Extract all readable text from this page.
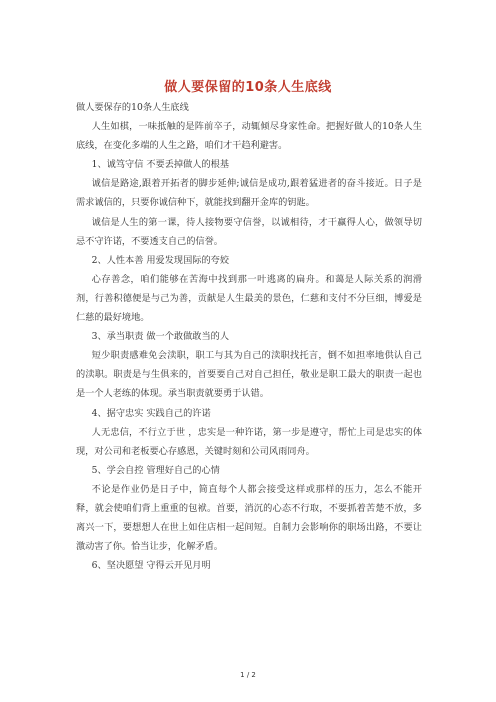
做人要保留的10条人生底线

做人要保存的10条人生底线

人生如棋，一味抵触的是阵前卒子，动辄倾尽身家性命。把握好做人的10条人生底线，在变化多端的人生之路，咱们才干趋利避害。

1、诚笃守信 不要丢掉做人的根基

诚信是路途,跟着开拓者的脚步延伸;诚信是成功,跟着猛进者的奋斗接近。日子是需求诚信的，只要你诚信种下，就能找到翻开金库的钥匙。

诚信是人生的第一课，待人接物要守信誉，以诚相待，才干赢得人心，做领导切忌不守许诺，不要透支自己的信誉。

2、人性本善 用爱发现国际的夸姣

心存善念，咱们能够在苦海中找到那一叶逃离的扁舟。和蔼是人际关系的润滑剂，行善积德便是与己为善，贡献是人生最美的景色，仁慈和支付不分巨细，博爱是仁慈的最好境地。

3、承当职责 做一个敢做敢当的人

短少职责感难免会渎职，职工与其为自己的渎职找托言，倒不如担率地供认自己的渎职。职责是与生俱来的，首要要自己对自己担任，敬业是职工最大的职责一起也是一个人老练的体现。承当职责就要勇于认错。

4、据守忠实 实践自己的许诺

人无忠信，不行立于世 ，忠实是一种许诺，第一步是遵守，帮忙上司是忠实的体现，对公司和老板要心存感恩，关键时刻和公司风雨同舟。

5、学会自控 管理好自己的心情

不论是作业仍是日子中，简直每个人都会接受这样或那样的压力，怎么不能开释，就会使咱们背上重重的包袱。首要，消沉的心态不行取，不要抓着苦楚不放，多离兴一下，要想想人在世上如住店相一起间短。自制力会影响你的职场出路，不要让激动害了你。恰当让步，化解矛盾。

6、坚决愿望 守得云开见月明

1 / 2
